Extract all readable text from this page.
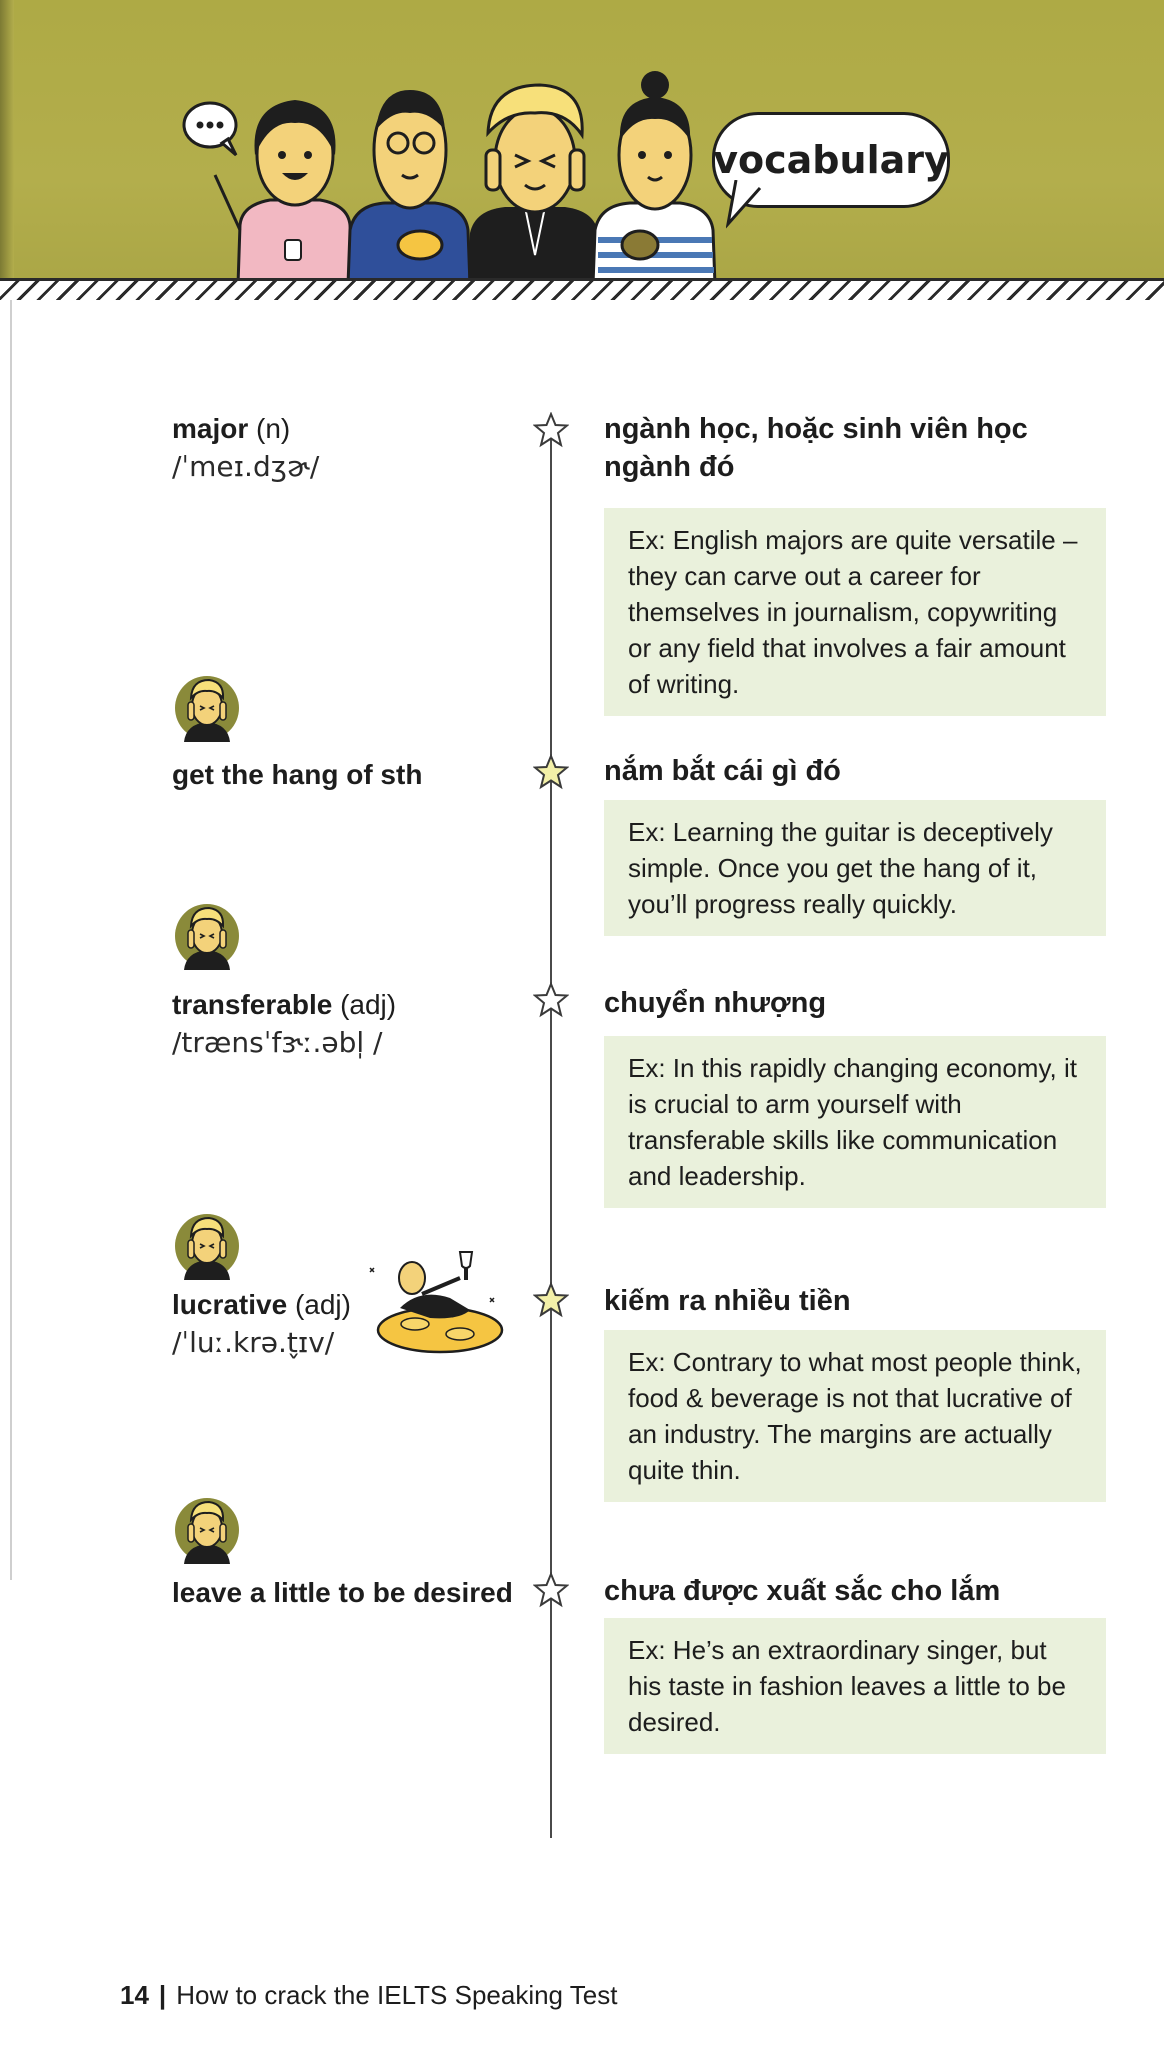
vocabulary
major (n)
/ˈmeɪ.dʒɚ/
ngành học, hoặc sinh viên học ngành đó
Ex: English majors are quite versatile – they can carve out a career for themselves in journalism, copywriting or any field that involves a fair amount of writing.
get the hang of sth	nắm bắt cái gì đó
Ex: Learning the guitar is deceptively simple. Once you get the hang of it, you’ll progress really quickly.
transferable (adj)
/trænsˈfɝː.əbl̩ /
chuyển nhượng
Ex: In this rapidly changing economy, it is crucial to arm yourself with transferable skills like communication and leadership.
lucrative (adj)
/ˈluː.krə.t̬ɪv/
kiếm ra nhiều tiền
Ex: Contrary to what most people think, food & beverage is not that lucrative of an industry. The margins are actually quite thin.
leave a little to be desired	chưa được xuất sắc cho lắm
Ex: He’s an extraordinary singer, but his taste in fashion leaves a little to be desired.
14 | How to crack the IELTS Speaking Test
